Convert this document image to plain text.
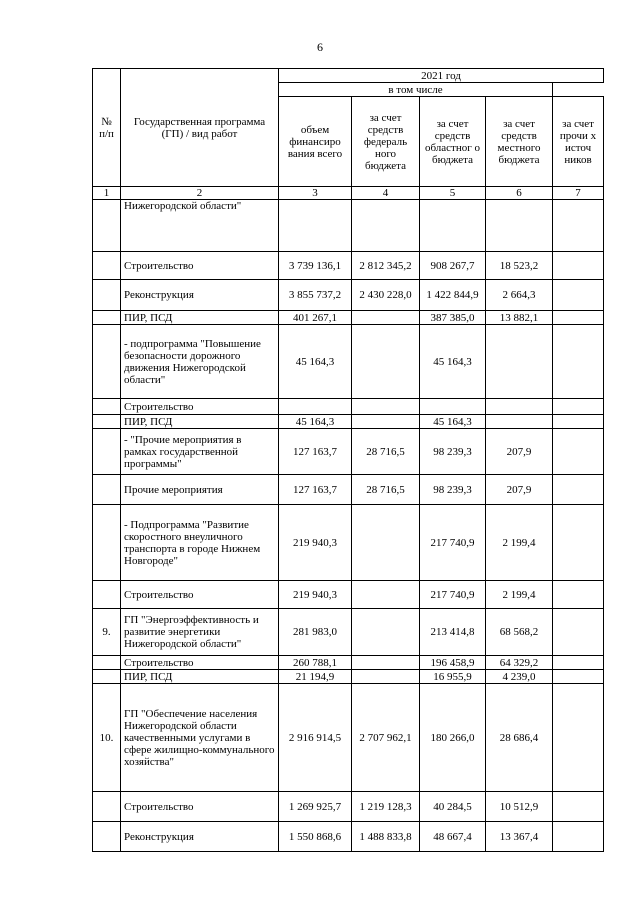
6
№ п/п	Государственная программа (ГП) / вид работ	2021 год				
		в том числе				
		объем финансиро вания всего	за счет средств федераль ного бюджета	за счет средств областног о бюджета	за счет средств местного бюджета	за счет прочи х источ ников
1	2	3	4	5	6	7
	Нижегородской области"					
	Строительство	3 739 136,1	2 812 345,2	908 267,7	18 523,2	
	Реконструкция	3 855 737,2	2 430 228,0	1 422 844,9	2 664,3	
	ПИР, ПСД	401 267,1		387 385,0	13 882,1	
	- подпрограмма "Повышение безопасности дорожного движения Нижегородской области"	45 164,3		45 164,3		
	Строительство					
	ПИР, ПСД	45 164,3		45 164,3		
	- "Прочие мероприятия в рамках государственной программы"	127 163,7	28 716,5	98 239,3	207,9	
	Прочие мероприятия	127 163,7	28 716,5	98 239,3	207,9	
	- Подпрограмма "Развитие скоростного внеуличного транспорта в городе Нижнем Новгороде"	219 940,3		217 740,9	2 199,4	
	Строительство	219 940,3		217 740,9	2 199,4	
9.	ГП "Энергоэффективность и развитие энергетики Нижегородской области"	281 983,0		213 414,8	68 568,2	
	Строительство	260 788,1		196 458,9	64 329,2	
	ПИР, ПСД	21 194,9		16 955,9	4 239,0	
10.	ГП "Обеспечение населения Нижегородской области качественными услугами в сфере жилищно-коммунального хозяйства"	2 916 914,5	2 707 962,1	180 266,0	28 686,4	
	Строительство	1 269 925,7	1 219 128,3	40 284,5	10 512,9	
	Реконструкция	1 550 868,6	1 488 833,8	48 667,4	13 367,4	
